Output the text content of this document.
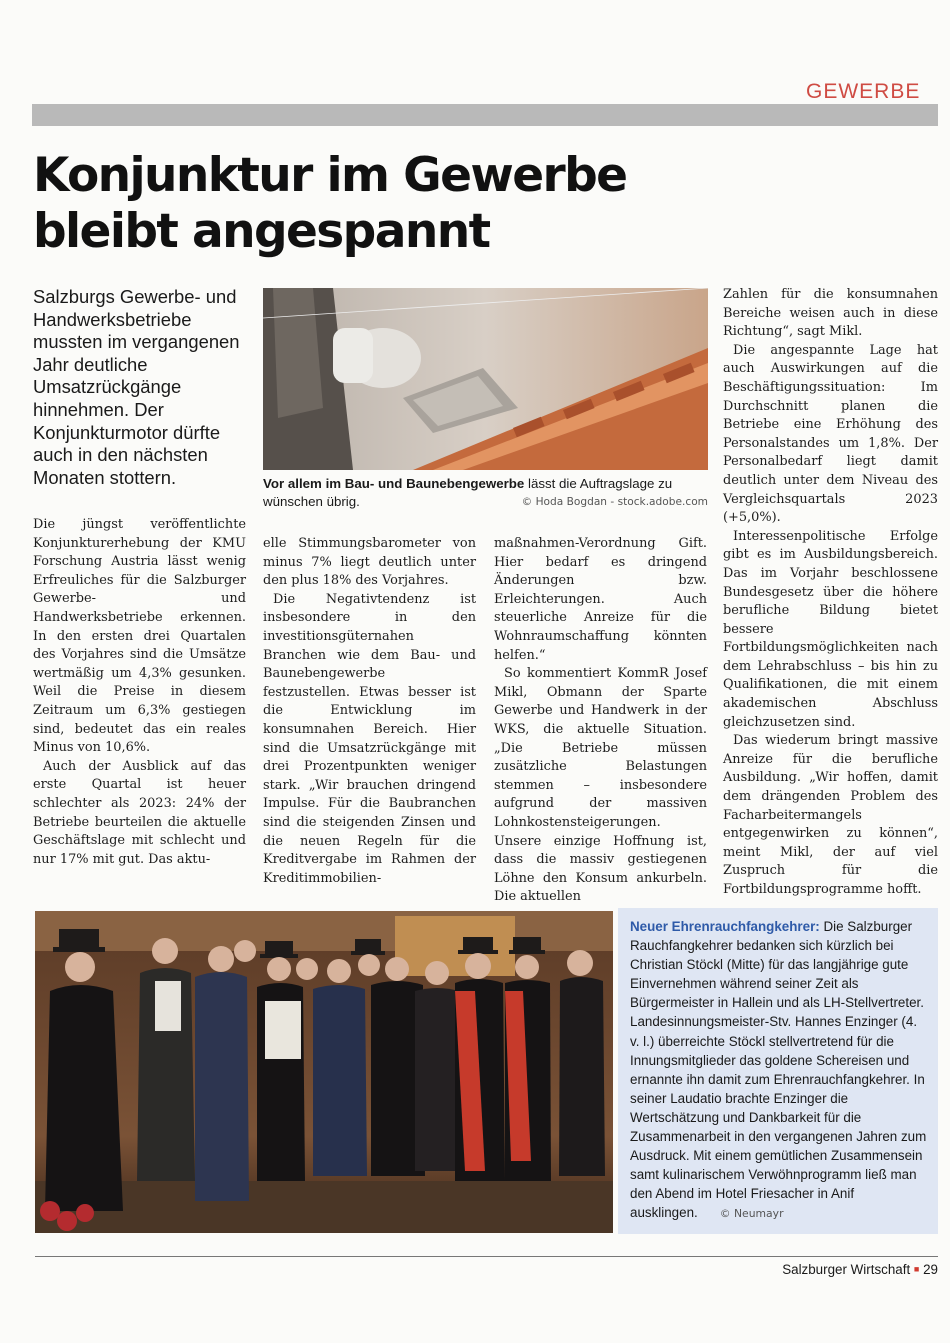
GEWERBE
Konjunktur im Gewerbe bleibt angespannt
Salzburgs Gewerbe- und Handwerksbetriebe mussten im vergangenen Jahr deutliche Umsatzrückgänge hinnehmen. Der Konjunkturmotor dürfte auch in den nächsten Monaten stottern.	Vor allem im Bau- und Baunebengewerbe lässt die Auftragslage zu wünschen übrig.	© Hoda Bogdan - stock.adobe.com

Die jüngst veröffentlichte Konjunkturerhebung der KMU Forschung Austria lässt wenig Erfreuliches für die Salzburger Gewerbe- und Handwerksbetriebe erkennen. In den ersten drei Quartalen des Vorjahres sind die Umsätze wertmäßig um 4,3% gesunken. Weil die Preise in diesem Zeitraum um 6,3% gestiegen sind, bedeutet das ein reales Minus von 10,6%.

Auch der Ausblick auf das erste Quartal ist heuer schlechter als 2023: 24% der Betriebe beurteilen die aktuelle Geschäftslage mit schlecht und nur 17% mit gut. Das aktu-

elle Stimmungsbarometer von minus 7% liegt deutlich unter den plus 18% des Vorjahres.

Die Negativtendenz ist insbesondere in den investitionsgüternahen Branchen wie dem Bau- und Baunebengewerbe festzustellen. Etwas besser ist die Entwicklung im konsumnahen Bereich. Hier sind die Umsatzrückgänge mit drei Prozentpunkten weniger stark. „Wir brauchen dringend Impulse. Für die Baubranchen sind die steigenden Zinsen und die neuen Regeln für die Kreditvergabe im Rahmen der Kreditimmobilien-

maßnahmen-Verordnung Gift. Hier bedarf es dringend Änderungen bzw. Erleichterungen. Auch steuerliche Anreize für die Wohnraumschaffung könnten helfen.“

So kommentiert KommR Josef Mikl, Obmann der Sparte Gewerbe und Handwerk in der WKS, die aktuelle Situation. „Die Betriebe müssen zusätzliche Belastungen stemmen – insbesondere aufgrund der massiven Lohnkostensteigerungen. Unsere einzige Hoffnung ist, dass die massiv gestiegenen Löhne den Konsum ankurbeln. Die aktuellen

Zahlen für die konsumnahen Bereiche weisen auch in diese Richtung“, sagt Mikl.

Die angespannte Lage hat auch Auswirkungen auf die Beschäftigungssituation: Im Durchschnitt planen die Betriebe eine Erhöhung des Personalstandes um 1,8%. Der Personalbedarf liegt damit deutlich unter dem Niveau des Vergleichsquartals 2023 (+5,0%).

Interessenpolitische Erfolge gibt es im Ausbildungsbereich. Das im Vorjahr beschlossene Bundesgesetz über die höhere berufliche Bildung bietet bessere Fortbildungsmöglichkeiten nach dem Lehrabschluss – bis hin zu Qualifikationen, die mit einem akademischen Abschluss gleichzusetzen sind.

Das wiederum bringt massive Anreize für die berufliche Ausbildung. „Wir hoffen, damit dem drängenden Problem des Facharbeitermangels entgegenwirken zu können“, meint Mikl, der auf viel Zuspruch für die Fortbildungsprogramme hofft.

Neuer Ehrenrauchfangkehrer: Die Salzburger Rauchfangkehrer bedanken sich kürzlich bei Christian Stöckl (Mitte) für das langjährige gute Einvernehmen während seiner Zeit als Bürgermeister in Hallein und als LH-Stellvertreter. Landesinnungsmeister-Stv. Hannes Enzinger (4. v. l.) überreichte Stöckl stellvertretend für die Innungsmitglieder das goldene Schereisen und ernannte ihn damit zum Ehrenrauchfangkehrer. In seiner Laudatio brachte Enzinger die Wertschätzung und Dankbarkeit für die Zusammenarbeit in den vergangenen Jahren zum Ausdruck. Mit einem gemütlichen Zusammensein samt kulinarischem Verwöhnprogramm ließ man den Abend im Hotel Friesacher in Anif ausklingen. © Neumayr
Salzburger Wirtschaft ■ 29
